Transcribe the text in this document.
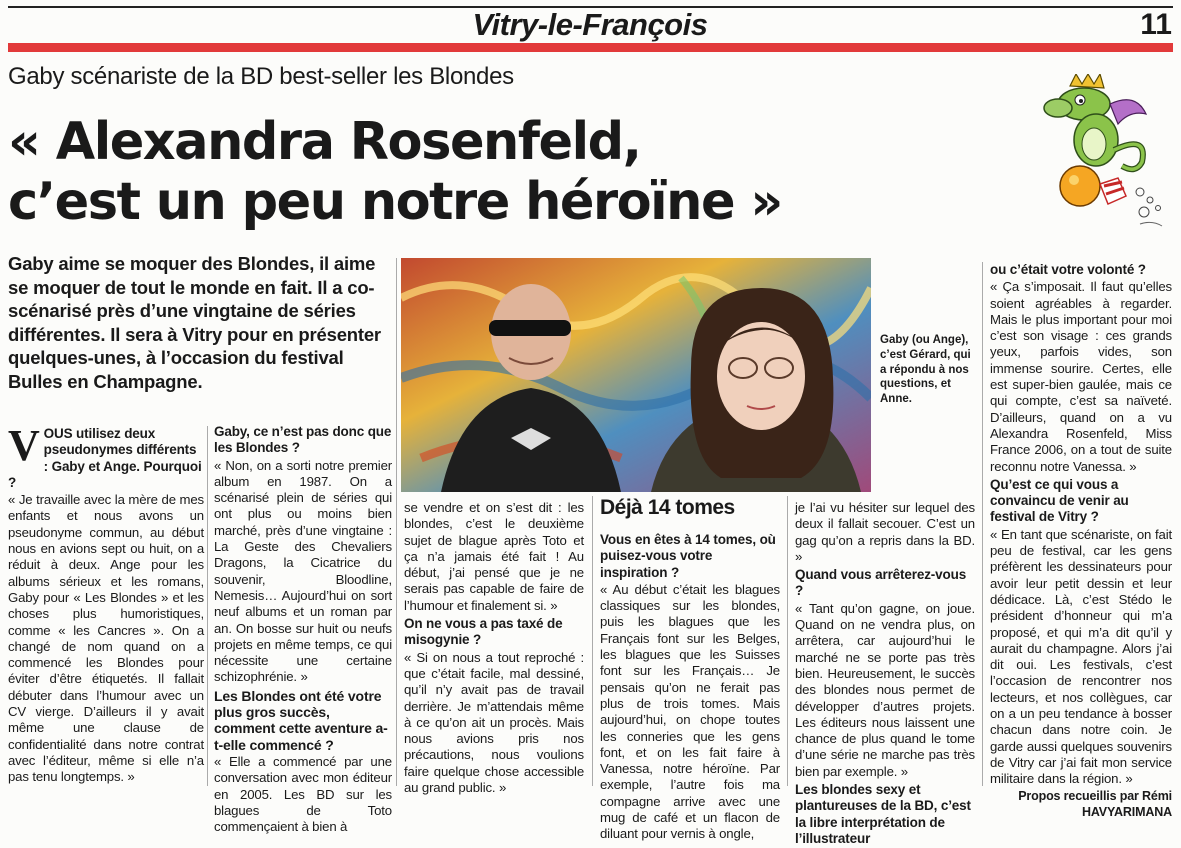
Vitry-le-François	11
Gaby scénariste de la BD best-seller les Blondes
« Alexandra Rosenfeld,
c’est un peu notre héroïne »
Gaby aime se moquer des Blondes, il aime se moquer de tout le monde en fait. Il a co-scénarisé près d’une vingtaine de séries différentes. Il sera à Vitry pour en présenter quelques-unes, à l’occasion du festival Bulles en Champagne.
Gaby (ou Ange), c’est Gérard, qui a répondu à nos questions, et Anne.

VOUS utilisez deux pseudonymes différents : Gaby et Ange. Pourquoi ?

« Je travaille avec la mère de mes enfants et nous avons un pseudonyme commun, au début nous en avions sept ou huit, on a réduit à deux. Ange pour les albums sérieux et les romans, Gaby pour « Les Blondes » et les choses plus humoristiques, comme « les Cancres ». On a changé de nom quand on a commencé les Blondes pour éviter d’être étiquetés. Il fallait débuter dans l’humour avec un CV vierge. D’ailleurs il y avait même une clause de confidentialité dans notre contrat avec l’éditeur, même si elle n’a pas tenu longtemps. »

Gaby, ce n’est pas donc que les Blondes ?

« Non, on a sorti notre premier album en 1987. On a scénarisé plein de séries qui ont plus ou moins bien marché, près d’une vingtaine : La Geste des Chevaliers Dragons, la Cicatrice du souvenir, Bloodline, Nemesis… Aujourd’hui on sort neuf albums et un roman par an. On bosse sur huit ou neufs projets en même temps, ce qui nécessite une certaine schizophrénie. »

Les Blondes ont été votre plus gros succès, comment cette aventure a-t-elle commencé ?

« Elle a commencé par une conversation avec mon éditeur en 2005. Les BD sur les blagues de Toto commençaient à bien à

se vendre et on s’est dit : les blondes, c’est le deuxième sujet de blague après Toto et ça n’a jamais été fait ! Au début, j’ai pensé que je ne serais pas capable de faire de l’humour et finalement si. »

On ne vous a pas taxé de misogynie ?

« Si on nous a tout reproché : que c’était facile, mal dessiné, qu’il n’y avait pas de travail derrière. Je m’attendais même à ce qu’on ait un procès. Mais nous avions pris nos précautions, nous voulions faire quelque chose accessible au grand public. »

Déjà 14 tomes

Vous en êtes à 14 tomes, où puisez-vous votre inspiration ?

« Au début c’était les blagues classiques sur les blondes, puis les blagues que les Français font sur les Belges, les blagues que les Suisses font sur les Français… Je pensais qu’on ne ferait pas plus de trois tomes. Mais aujourd’hui, on chope toutes les conneries que les gens font, et on les fait faire à Vanessa, notre héroïne. Par exemple, l’autre fois ma compagne arrive avec une mug de café et un flacon de diluant pour vernis à ongle,

je l’ai vu hésiter sur lequel des deux il fallait secouer. C’est un gag qu’on a repris dans la BD. »

Quand vous arrêterez-vous ?

« Tant qu’on gagne, on joue. Quand on ne vendra plus, on arrêtera, car aujourd’hui le marché ne se porte pas très bien. Heureusement, le succès des blondes nous permet de développer d’autres projets. Les éditeurs nous laissent une chance de plus quand le tome d’une série ne marche pas très bien par exemple. »

Les blondes sexy et plantureuses de la BD, c’est la libre interprétation de l’illustrateur

ou c’était votre volonté ?

« Ça s’imposait. Il faut qu’elles soient agréables à regarder. Mais le plus important pour moi c’est son visage : ces grands yeux, parfois vides, son immense sourire. Certes, elle est super-bien gaulée, mais ce qui compte, c’est sa naïveté. D’ailleurs, quand on a vu Alexandra Rosenfeld, Miss France 2006, on a tout de suite reconnu notre Vanessa. »

Qu’est ce qui vous a convaincu de venir au festival de Vitry ?

« En tant que scénariste, on fait peu de festival, car les gens préfèrent les dessinateurs pour avoir leur petit dessin et leur dédicace. Là, c’est Stédo le président d’honneur qui m’a proposé, et qui m’a dit qu’il y aurait du champagne. Alors j’ai dit oui. Les festivals, c’est l’occasion de rencontrer nos lecteurs, et nos collègues, car on a un peu tendance à bosser chacun dans notre coin. Je garde aussi quelques souvenirs de Vitry car j’ai fait mon service militaire dans la région. »

Propos recueillis par Rémi

HAVYARIMANA
